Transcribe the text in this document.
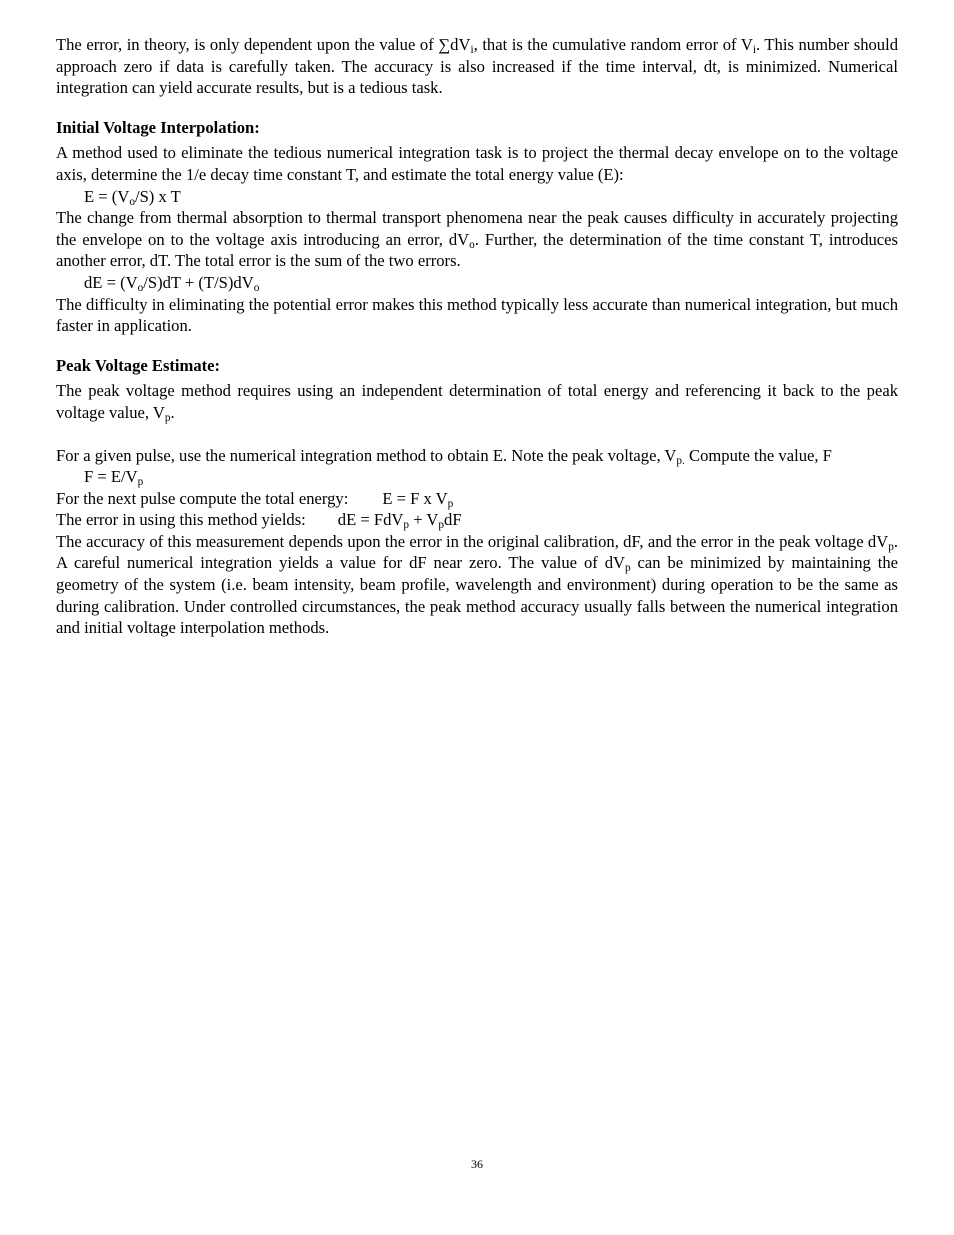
The error, in theory, is only dependent upon the value of $\sum dV_i$, that is the cumulative random error of $V_i$. This number should approach zero if data is carefully taken. The accuracy is also increased if the time interval, dt, is minimized. Numerical integration can yield accurate results, but is a tedious task.

Initial Voltage Interpolation:

A method used to eliminate the tedious numerical integration task is to project the thermal decay envelope on to the voltage axis, determine the 1/e decay time constant T, and estimate the total energy value (E):

$E = (V_o/S)$ x T

The change from thermal absorption to thermal transport phenomena near the peak causes difficulty in accurately projecting the envelope on to the voltage axis introducing an error, $dV_o$. Further, the determination of the time constant T, introduces another error, dT. The total error is the sum of the two errors.

dE = $(V_o/S)dT + (T/S)dV_o$

The difficulty in eliminating the potential error makes this method typically less accurate than numerical integration, but much faster in application.

Peak Voltage Estimate:

The peak voltage method requires using an independent determination of total energy and referencing it back to the peak voltage value, $V_p$.

For a given pulse, use the numerical integration method to obtain E. Note the peak voltage, $V_{p.}$ Compute the value, F

$F = E/V_p$

For the next pulse compute the total energy: E = F x $V_p$

The error in using this method yields: dE = $FdV_p + V_pdF$

The accuracy of this measurement depends upon the error in the original calibration, dF, and the error in the peak voltage $dV_p$. A careful numerical integration yields a value for dF near zero. The value of $dV_p$ can be minimized by maintaining the geometry of the system (i.e. beam intensity, beam profile, wavelength and environment) during operation to be the same as during calibration. Under controlled circumstances, the peak method accuracy usually falls between the numerical integration and initial voltage interpolation methods.

36
